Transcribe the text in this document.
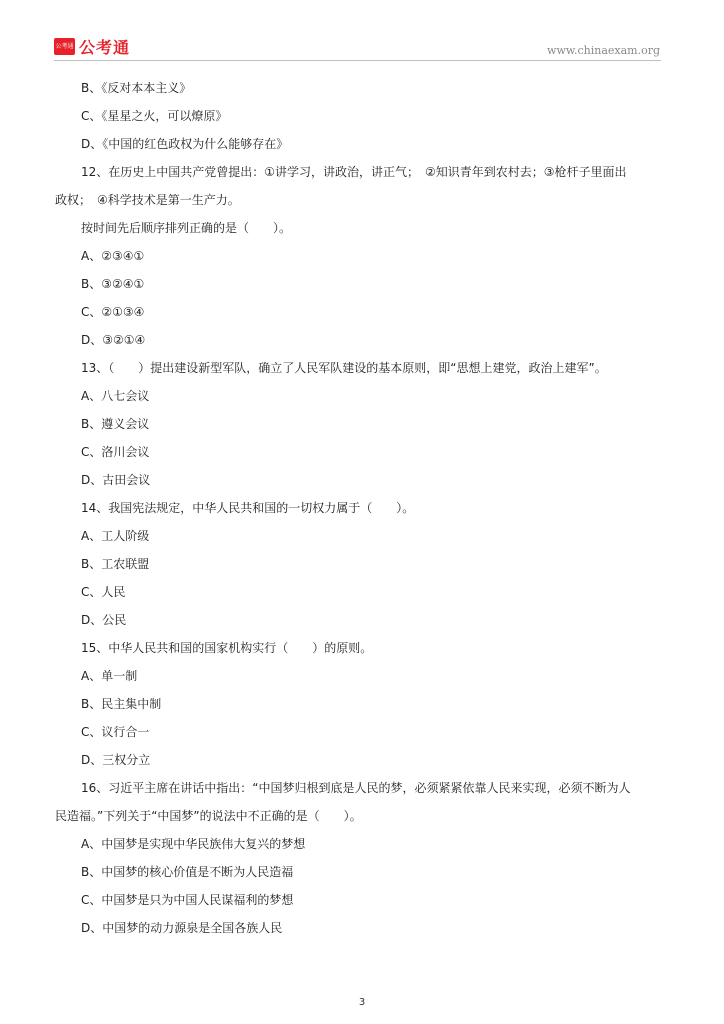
公考通 公考通	www.chinaexam.org
B、《反对本本主义》
C、《星星之火，可以燎原》
D、《中国的红色政权为什么能够存在》
12、在历史上中国共产党曾提出：①讲学习，讲政治，讲正气；　②知识青年到农村去；③枪杆子里面出
政权；　④科学技术是第一生产力。
按时间先后顺序排列正确的是（　　）。
A、②③④①
B、③②④①
C、②①③④
D、③②①④
13、（　　）提出建设新型军队，确立了人民军队建设的基本原则，即“思想上建党，政治上建军”。
A、八七会议
B、遵义会议
C、洛川会议
D、古田会议
14、我国宪法规定，中华人民共和国的一切权力属于（　　）。
A、工人阶级
B、工农联盟
C、人民
D、公民
15、中华人民共和国的国家机构实行（　　）的原则。
A、单一制
B、民主集中制
C、议行合一
D、三权分立
16、习近平主席在讲话中指出：“中国梦归根到底是人民的梦，必须紧紧依靠人民来实现，必须不断为人
民造福。”下列关于“中国梦”的说法中不正确的是（　　）。
A、中国梦是实现中华民族伟大复兴的梦想
B、中国梦的核心价值是不断为人民造福
C、中国梦是只为中国人民谋福利的梦想
D、中国梦的动力源泉是全国各族人民
3
